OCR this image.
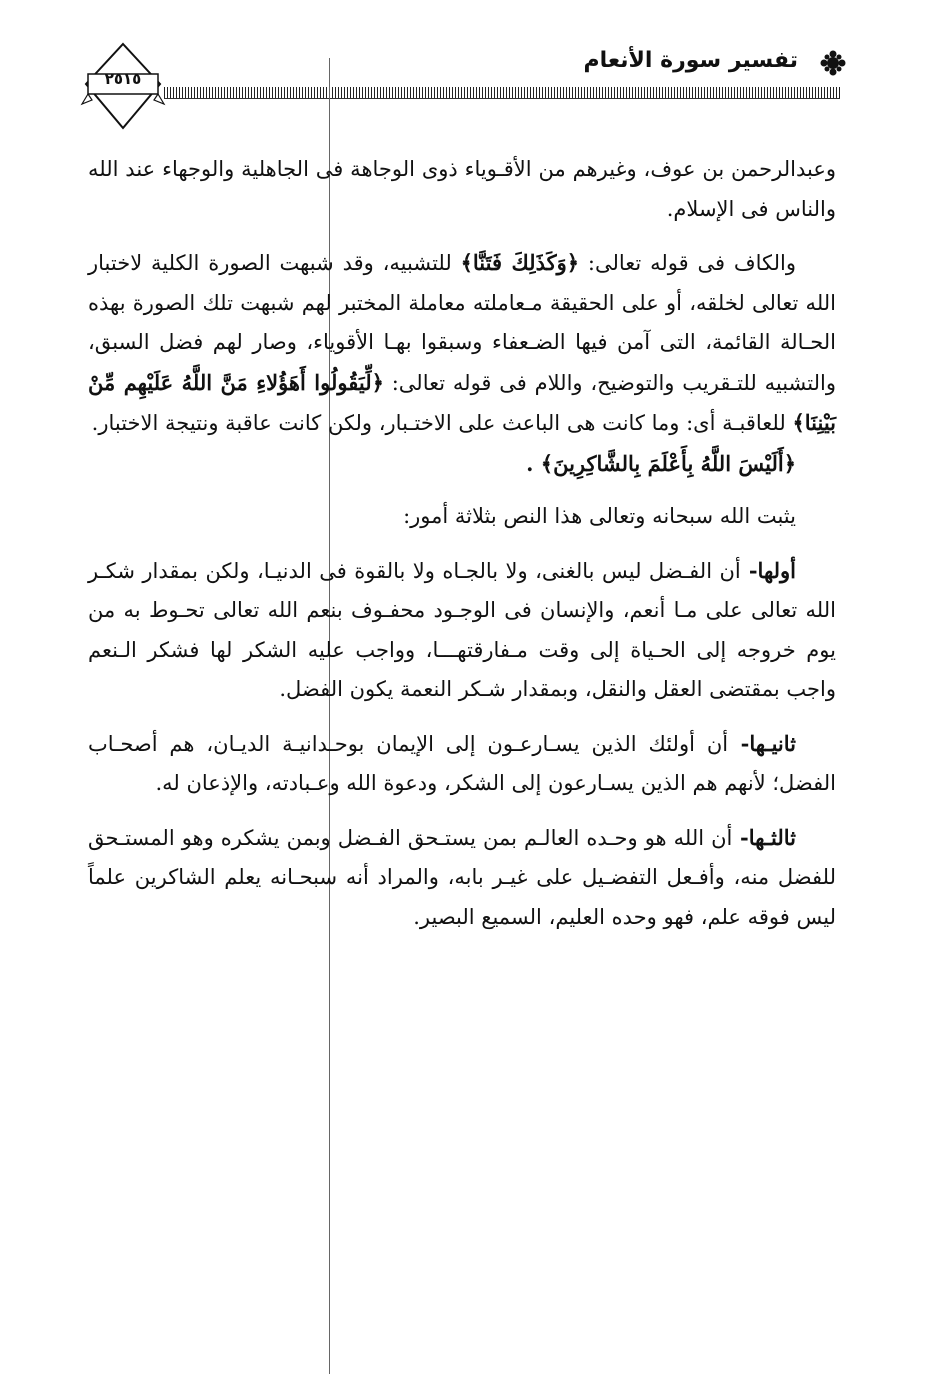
٢٥١٥
تفسير سورة الأنعام

وعبدالرحمن بن عوف، وغيرهم من الأقـوياء ذوى الوجاهة فى الجاهلية والوجهاء عند الله والناس فى الإسلام.

والكاف فى قوله تعالى: ﴿وَكَذَلِكَ فَتَنَّا﴾ للتشبيه، وقد شبهت الصورة الكلية لاختبار الله تعالى لخلقه، أو على الحقيقة مـعاملته معاملة المختبر لهم شبهت تلك الصورة بهذه الحـالة القائمة، التى آمن فيها الضـعفاء وسبقوا بهـا الأقوياء، وصار لهم فضل السبق، والتشبيه للتـقريب والتوضيح، واللام فى قوله تعالى: ﴿لِّيَقُولُوا أَهَؤُلاءِ مَنَّ اللَّهُ عَلَيْهِم مِّنْ بَيْنِنَا﴾ للعاقبـة أى: وما كانت هى الباعث على الاختـبار، ولكن كانت عاقبة ونتيجة الاختبار.

﴿أَلَيْسَ اللَّهُ بِأَعْلَمَ بِالشَّاكِرِينَ﴾ .

يثبت الله سبحانه وتعالى هذا النص بثلاثة أمور:

أولها- أن الفـضل ليس بالغنى، ولا بالجـاه ولا بالقوة فى الدنيـا، ولكن بمقدار شكـر الله تعالى على مـا أنعم، والإنسان فى الوجـود محفـوف بنعم الله تعالى تحـوط به من يوم خروجه إلى الحـياة إلى وقت مـفارقتهـــا، وواجب عليه الشكر لها فشكر الـنعم واجب بمقتضى العقل والنقل، وبمقدار شـكر النعمة يكون الفضل.

ثانيـها- أن أولئك الذين يسـارعـون إلى الإيمان بوحـدانيـة الديـان، هم أصحـاب الفضل؛ لأنهم هم الذين يسـارعون إلى الشكر، ودعوة الله وعـبادته، والإذعان له.

ثالثـها- أن الله هو وحـده العالـم بمن يستـحق الفـضل وبمن يشكره وهو المستـحق للفضل منه، وأفـعل التفضـيل على غيـر بابه، والمراد أنه سبحـانه يعلم الشاكرين علماً ليس فوقه علم، فهو وحده العليم، السميع البصير.
